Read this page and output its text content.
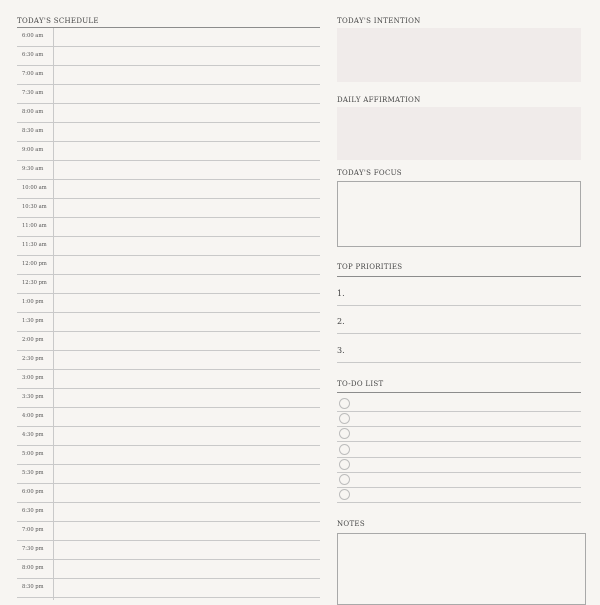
TODAY'S SCHEDULE
6:00 am
6:30 am
7:00 am
7:30 am
8:00 am
8:30 am
9:00 am
9:30 am
10:00 am
10:30 am
11:00 am
11:30 am
12:00 pm
12:30 pm
1:00 pm
1:30 pm
2:00 pm
2:30 pm
3:00 pm
3:30 pm
4:00 pm
4:30 pm
5:00 pm
5:30 pm
6:00 pm
6:30 pm
7:00 pm
7:30 pm
8:00 pm
8:30 pm
TODAY'S INTENTION
DAILY AFFIRMATION
TODAY'S FOCUS
TOP PRIORITIES
1.
2.
3.
TO-DO LIST
NOTES
